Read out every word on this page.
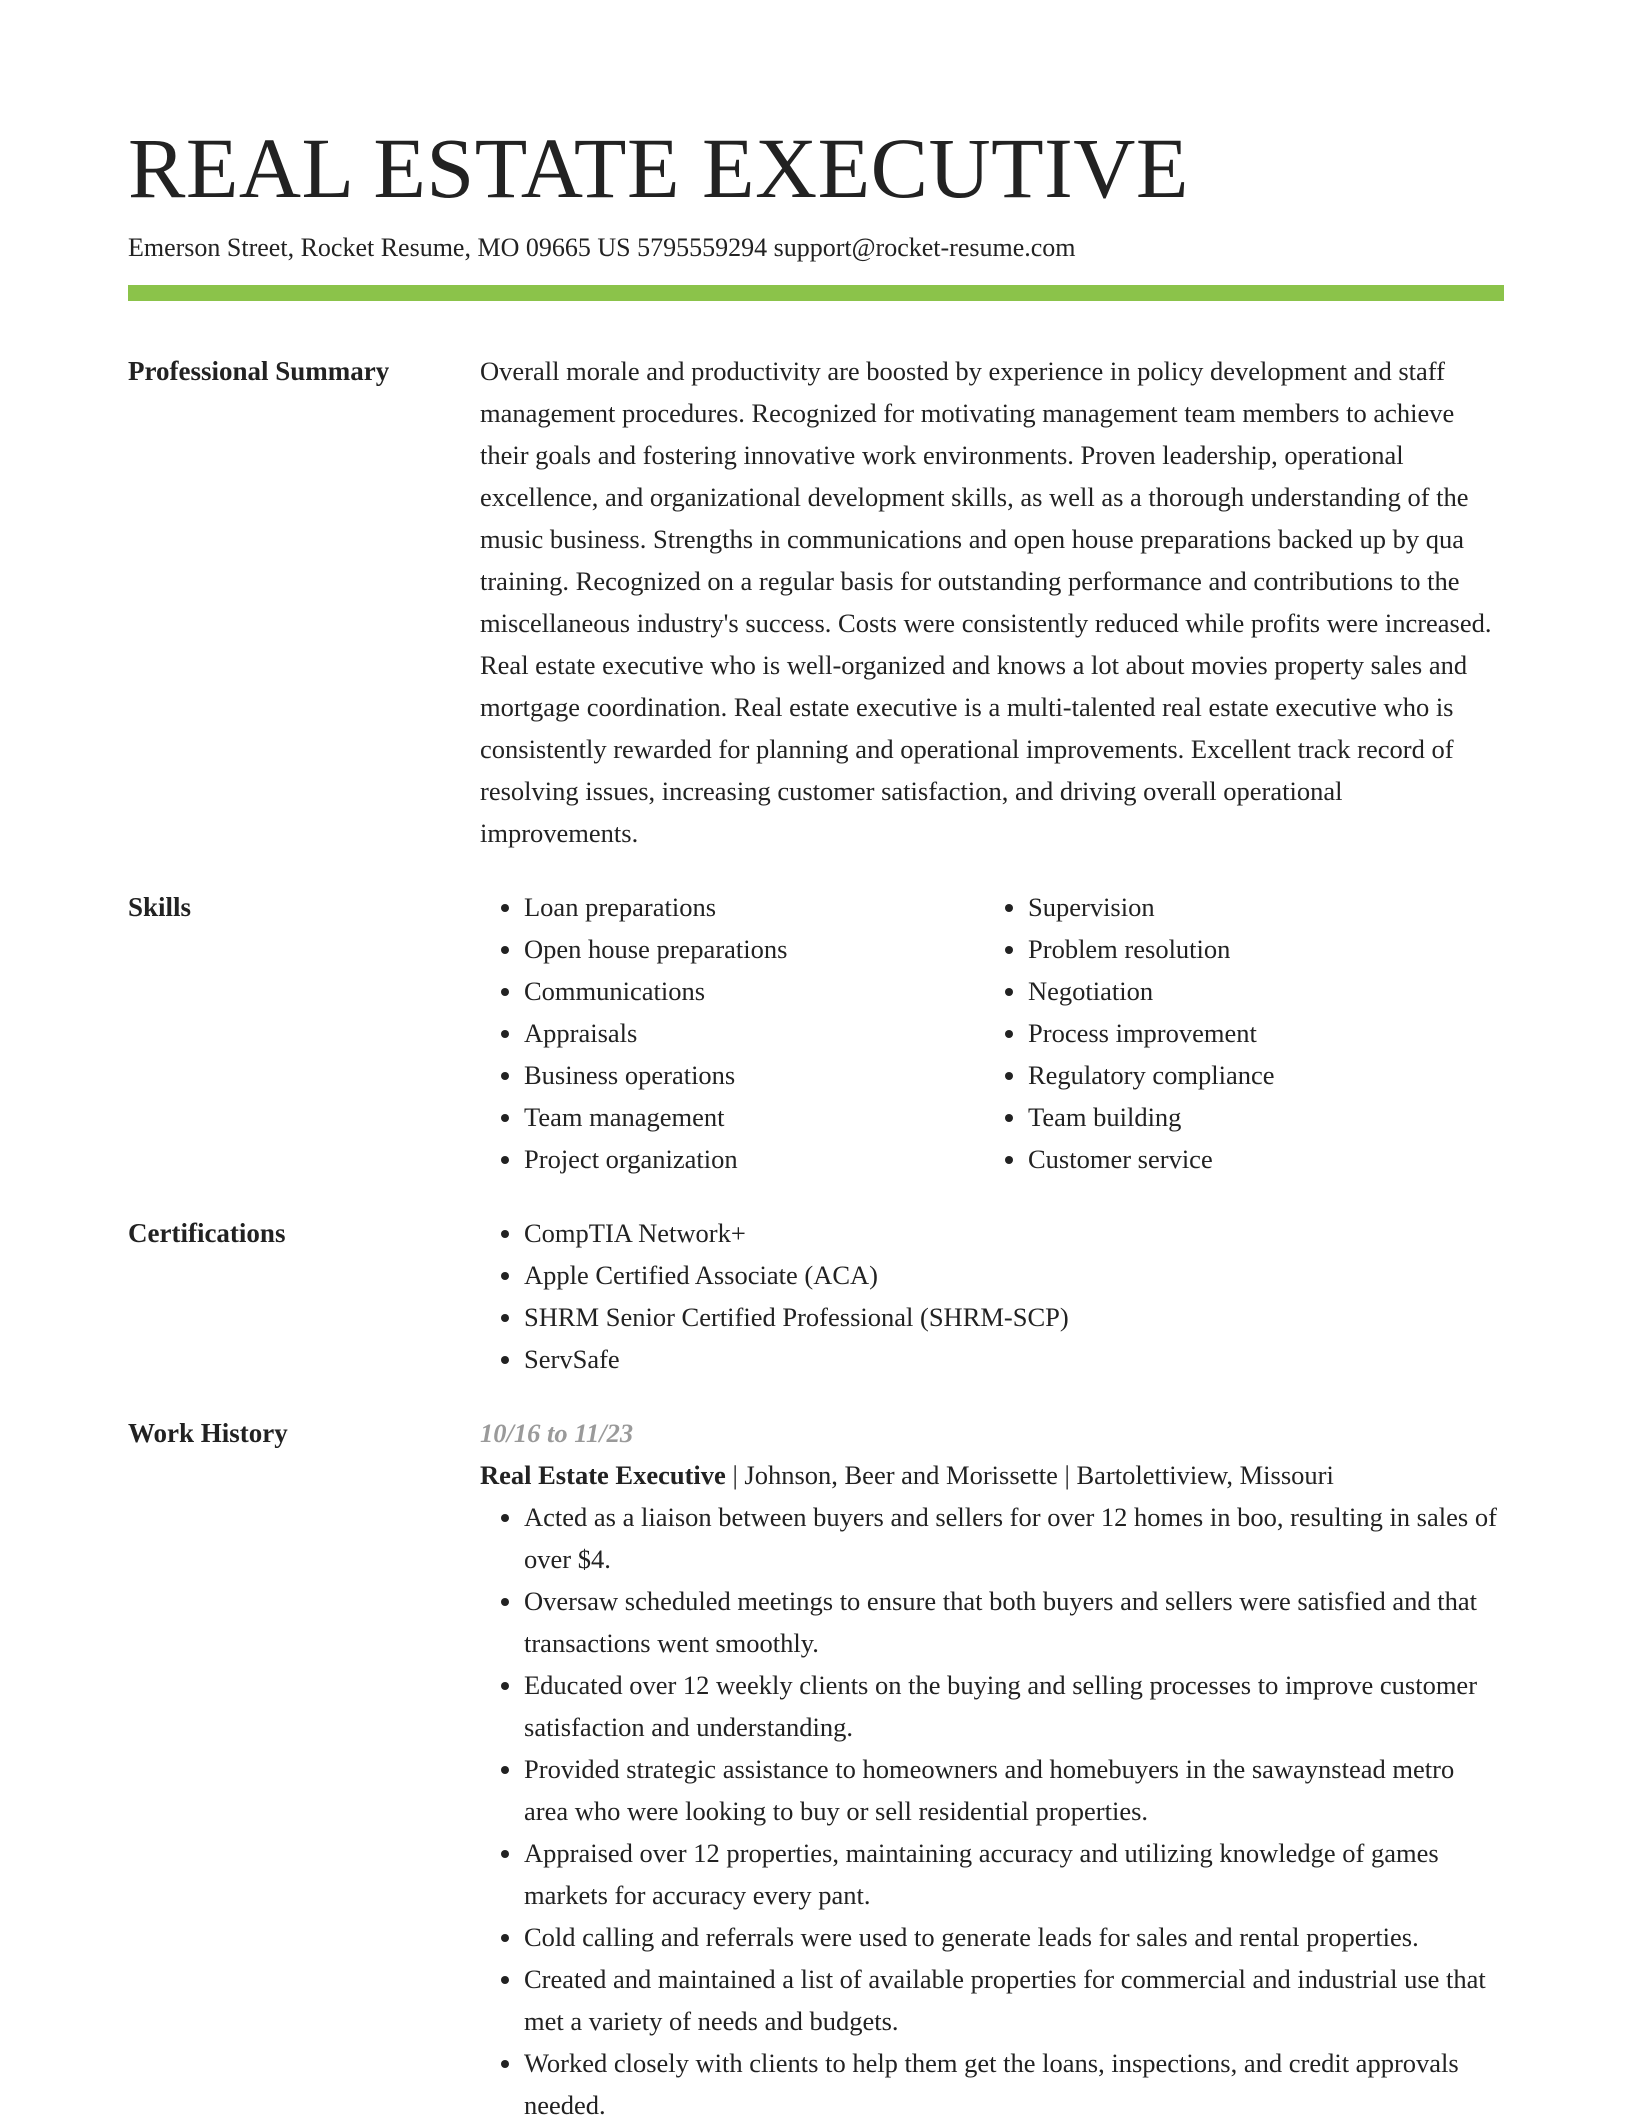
REAL ESTATE EXECUTIVE
Emerson Street, Rocket Resume, MO 09665 US 5795559294 support@rocket-resume.com
Professional Summary	Overall morale and productivity are boosted by experience in policy development and staff management procedures. Recognized for motivating management team members to achieve their goals and fostering innovative work environments. Proven leadership, operational excellence, and organizational development skills, as well as a thorough understanding of the music business. Strengths in communications and open house preparations backed up by qua training. Recognized on a regular basis for outstanding performance and contributions to the miscellaneous industry's success. Costs were consistently reduced while profits were increased. Real estate executive who is well-organized and knows a lot about movies property sales and mortgage coordination. Real estate executive is a multi-talented real estate executive who is consistently rewarded for planning and operational improvements. Excellent track record of resolving issues, increasing customer satisfaction, and driving overall operational improvements.

Skills	• Loan preparations
• Open house preparations
• Communications
• Appraisals
• Business operations
• Team management
• Project organization
• Supervision
• Problem resolution
• Negotiation
• Process improvement
• Regulatory compliance
• Team building
• Customer service
Certifications	• CompTIA Network+
• Apple Certified Associate (ACA)
• SHRM Senior Certified Professional (SHRM-SCP)
• ServSafe
Work History	10/16 to 11/23
Real Estate Executive | Johnson, Beer and Morissette | Bartolettiview, Missouri
• Acted as a liaison between buyers and sellers for over 12 homes in boo, resulting in sales of over $4.
• Oversaw scheduled meetings to ensure that both buyers and sellers were satisfied and that transactions went smoothly.
• Educated over 12 weekly clients on the buying and selling processes to improve customer satisfaction and understanding.
• Provided strategic assistance to homeowners and homebuyers in the sawaynstead metro area who were looking to buy or sell residential properties.
• Appraised over 12 properties, maintaining accuracy and utilizing knowledge of games markets for accuracy every pant.
• Cold calling and referrals were used to generate leads for sales and rental properties.
• Created and maintained a list of available properties for commercial and industrial use that met a variety of needs and budgets.
• Worked closely with clients to help them get the loans, inspections, and credit approvals needed.
